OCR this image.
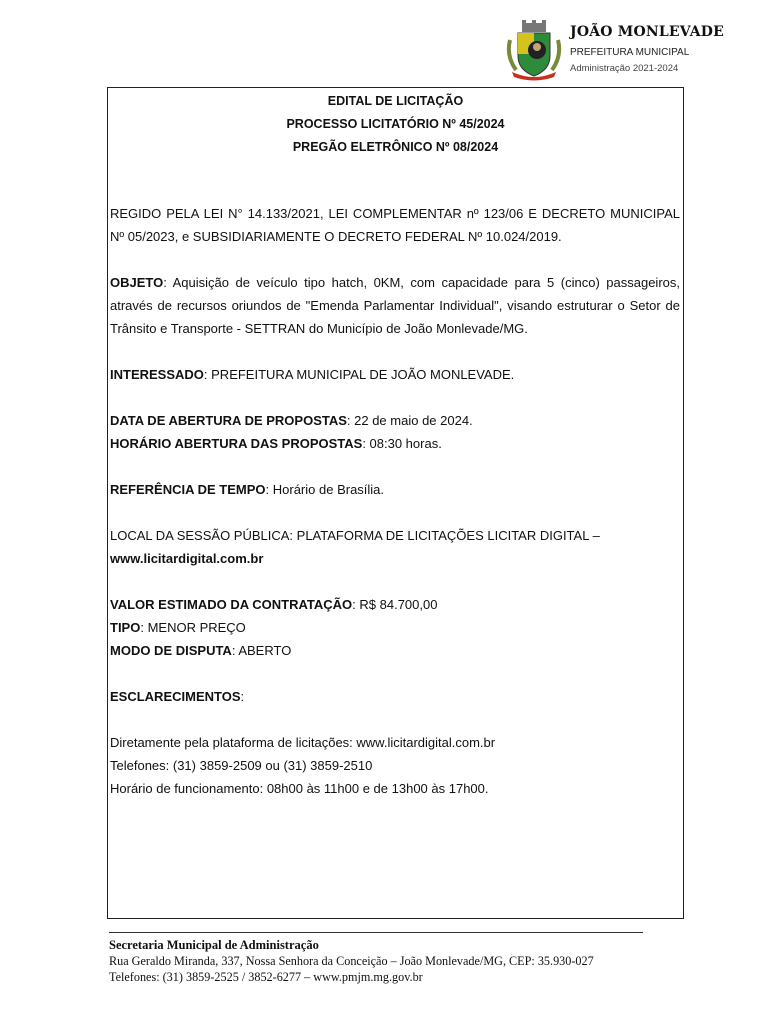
JOÃO MONLEVADE
PREFEITURA MUNICIPAL
Administração 2021-2024
EDITAL DE LICITAÇÃO
PROCESSO LICITATÓRIO Nº 45/2024
PREGÃO ELETRÔNICO Nº 08/2024

REGIDO PELA LEI N° 14.133/2021, LEI COMPLEMENTAR nº 123/06 E DECRETO MUNICIPAL Nº 05/2023, e SUBSIDIARIAMENTE O DECRETO FEDERAL Nº 10.024/2019.

OBJETO: Aquisição de veículo tipo hatch, 0KM, com capacidade para 5 (cinco) passageiros, através de recursos oriundos de "Emenda Parlamentar Individual", visando estruturar o Setor de Trânsito e Transporte - SETTRAN do Município de João Monlevade/MG.

INTERESSADO: PREFEITURA MUNICIPAL DE JOÃO MONLEVADE.

DATA DE ABERTURA DE PROPOSTAS: 22 de maio de 2024.

HORÁRIO ABERTURA DAS PROPOSTAS: 08:30 horas.

REFERÊNCIA DE TEMPO: Horário de Brasília.

LOCAL DA SESSÃO PÚBLICA: PLATAFORMA DE LICITAÇÕES LICITAR DIGITAL –

www.licitardigital.com.br

VALOR ESTIMADO DA CONTRATAÇÃO: R$ 84.700,00

TIPO: MENOR PREÇO

MODO DE DISPUTA: ABERTO

ESCLARECIMENTOS:

Diretamente pela plataforma de licitações: www.licitardigital.com.br

Telefones: (31) 3859-2509 ou (31) 3859-2510

Horário de funcionamento: 08h00 às 11h00 e de 13h00 às 17h00.

Secretaria Municipal de Administração
Rua Geraldo Miranda, 337, Nossa Senhora da Conceição – João Monlevade/MG, CEP: 35.930-027
Telefones: (31) 3859-2525 / 3852-6277 – www.pmjm.mg.gov.br
